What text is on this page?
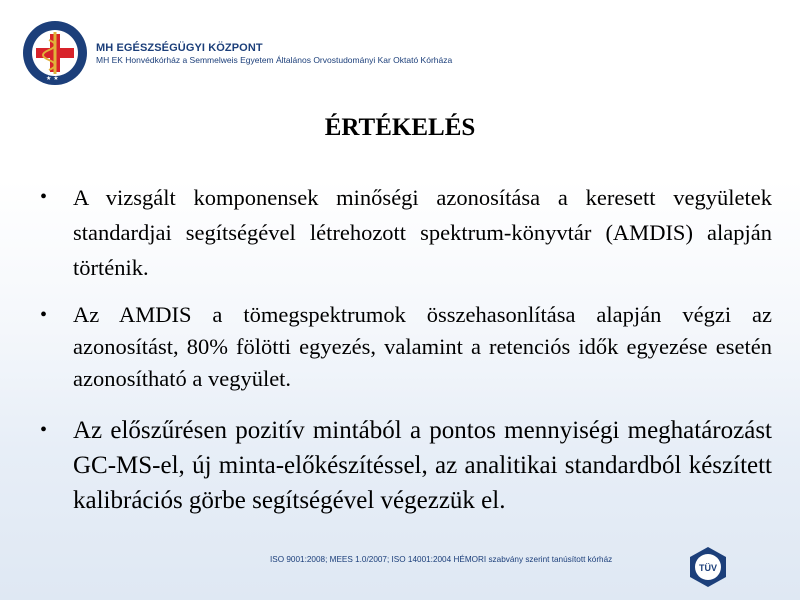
★ ★
MH EGÉSZSÉGÜGYI KÖZPONT
MH EK Honvédkórház a Semmelweis Egyetem Általános Orvostudományi Kar Oktató Kórháza
ÉRTÉKELÉS
• A vizsgált komponensek minőségi azonosítása a keresett vegyületek standardjai segítségével létrehozott spektrum-könyvtár (AMDIS) alapján történik.
• Az AMDIS a tömegspektrumok összehasonlítása alapján végzi az azonosítást, 80% fölötti egyezés, valamint a retenciós idők egyezése esetén azonosítható a vegyület.
• Az előszűrésen pozitív mintából a pontos mennyiségi meghatározást GC-MS-el, új minta-előkészítéssel, az analitikai standardból készített kalibrációs görbe segítségével végezzük el.
ISO 9001:2008; MEES 1.0/2007; ISO 14001:2004 HÉMORI szabvány szerint tanúsított kórház
TÜV
